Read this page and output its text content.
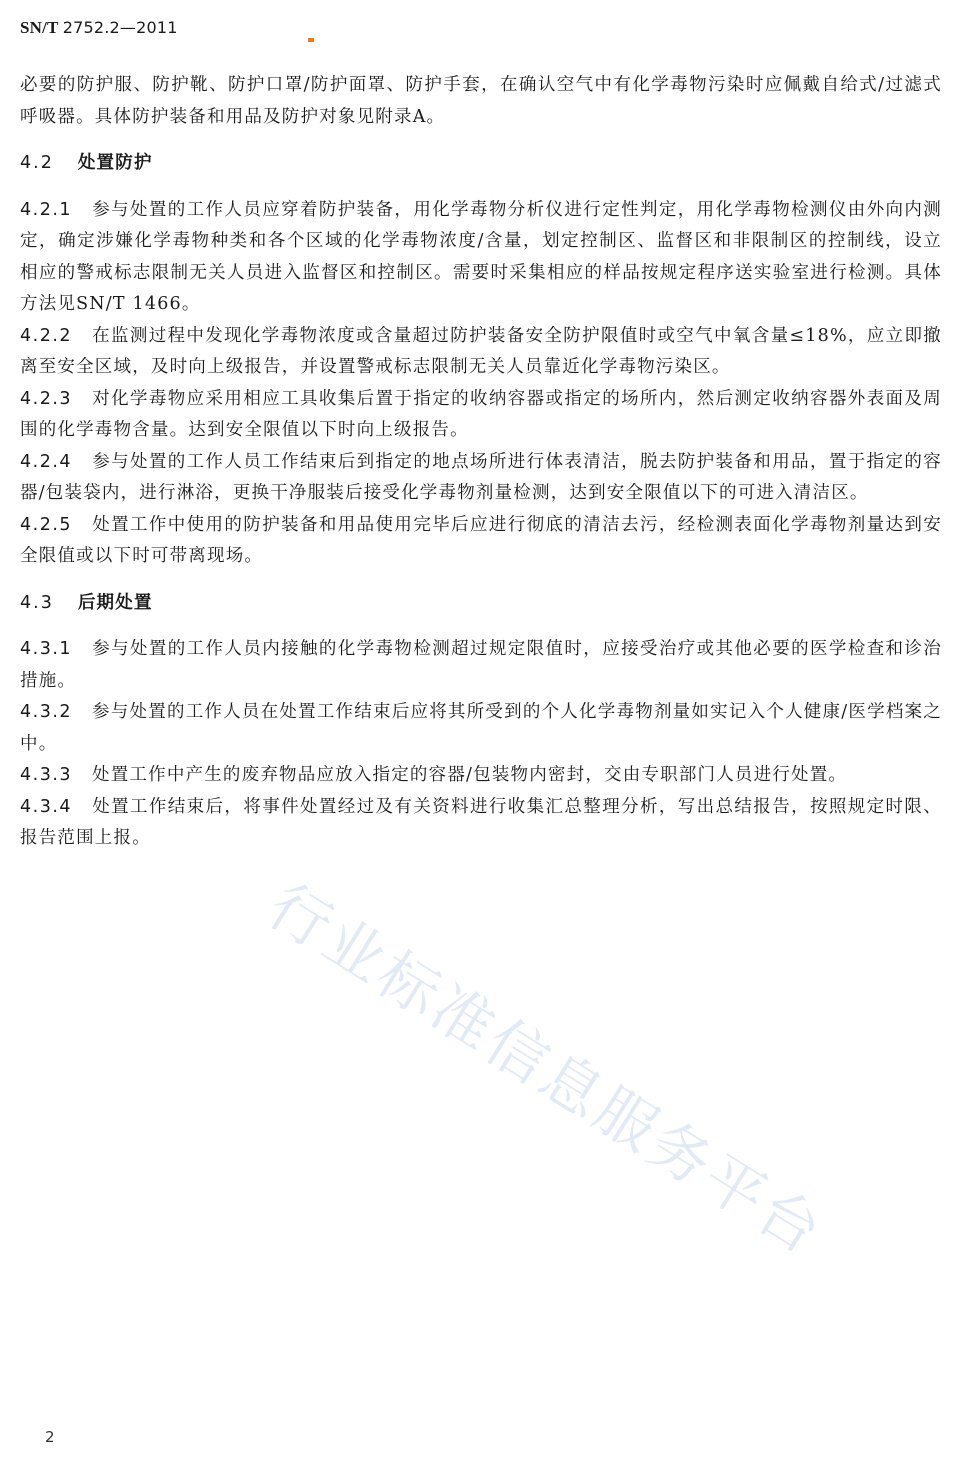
SN/T 2752.2—2011

必要的防护服、防护靴、防护口罩/防护面罩、防护手套，在确认空气中有化学毒物污染时应佩戴自给式/过滤式呼吸器。具体防护装备和用品及防护对象见附录A。

4.2 处置防护

4.2.1 参与处置的工作人员应穿着防护装备，用化学毒物分析仪进行定性判定，用化学毒物检测仪由外向内测定，确定涉嫌化学毒物种类和各个区域的化学毒物浓度/含量，划定控制区、监督区和非限制区的控制线，设立相应的警戒标志限制无关人员进入监督区和控制区。需要时采集相应的样品按规定程序送实验室进行检测。具体方法见SN/T 1466。

4.2.2 在监测过程中发现化学毒物浓度或含量超过防护装备安全防护限值时或空气中氧含量≤18%，应立即撤离至安全区域，及时向上级报告，并设置警戒标志限制无关人员靠近化学毒物污染区。

4.2.3 对化学毒物应采用相应工具收集后置于指定的收纳容器或指定的场所内，然后测定收纳容器外表面及周围的化学毒物含量。达到安全限值以下时向上级报告。

4.2.4 参与处置的工作人员工作结束后到指定的地点场所进行体表清洁，脱去防护装备和用品，置于指定的容器/包装袋内，进行淋浴，更换干净服装后接受化学毒物剂量检测，达到安全限值以下的可进入清洁区。

4.2.5 处置工作中使用的防护装备和用品使用完毕后应进行彻底的清洁去污，经检测表面化学毒物剂量达到安全限值或以下时可带离现场。

4.3 后期处置

4.3.1 参与处置的工作人员内接触的化学毒物检测超过规定限值时，应接受治疗或其他必要的医学检查和诊治措施。

4.3.2 参与处置的工作人员在处置工作结束后应将其所受到的个人化学毒物剂量如实记入个人健康/医学档案之中。

4.3.3 处置工作中产生的废弃物品应放入指定的容器/包装物内密封，交由专职部门人员进行处置。

4.3.4 处置工作结束后，将事件处置经过及有关资料进行收集汇总整理分析，写出总结报告，按照规定时限、报告范围上报。

行业标准信息服务平台
2
